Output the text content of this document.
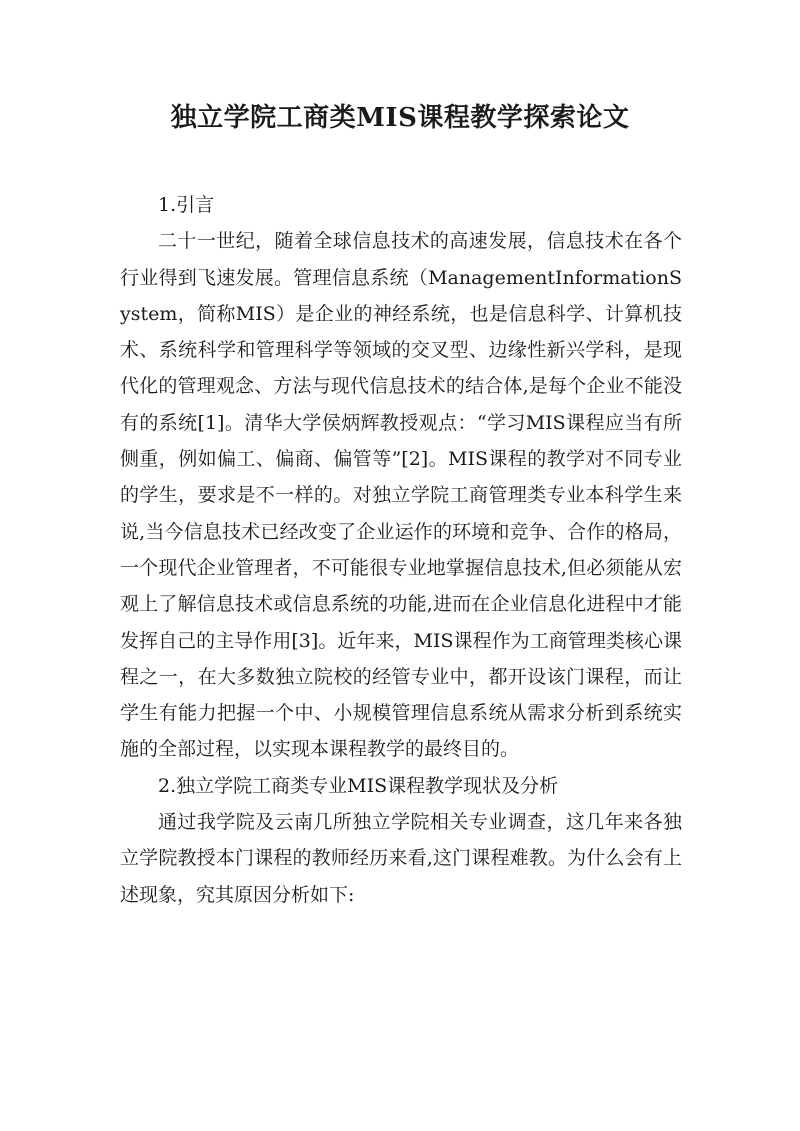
独立学院工商类MIS课程教学探索论文

1.引言

二十一世纪，随着全球信息技术的高速发展，信息技术在各个行业得到飞速发展。管理信息系统（ManagementInformationSystem，简称MIS）是企业的神经系统，也是信息科学、计算机技术、系统科学和管理科学等领域的交叉型、边缘性新兴学科，是现代化的管理观念、方法与现代信息技术的结合体,是每个企业不能没有的系统[1]。清华大学侯炳辉教授观点：“学习MIS课程应当有所侧重，例如偏工、偏商、偏管等”[2]。MIS课程的教学对不同专业的学生，要求是不一样的。对独立学院工商管理类专业本科学生来说,当今信息技术已经改变了企业运作的环境和竞争、合作的格局，一个现代企业管理者，不可能很专业地掌握信息技术,但必须能从宏观上了解信息技术或信息系统的功能,进而在企业信息化进程中才能发挥自己的主导作用[3]。近年来，MIS课程作为工商管理类核心课程之一，在大多数独立院校的经管专业中，都开设该门课程，而让学生有能力把握一个中、小规模管理信息系统从需求分析到系统实施的全部过程，以实现本课程教学的最终目的。

2.独立学院工商类专业MIS课程教学现状及分析

通过我学院及云南几所独立学院相关专业调查，这几年来各独立学院教授本门课程的教师经历来看,这门课程难教。为什么会有上述现象，究其原因分析如下:
